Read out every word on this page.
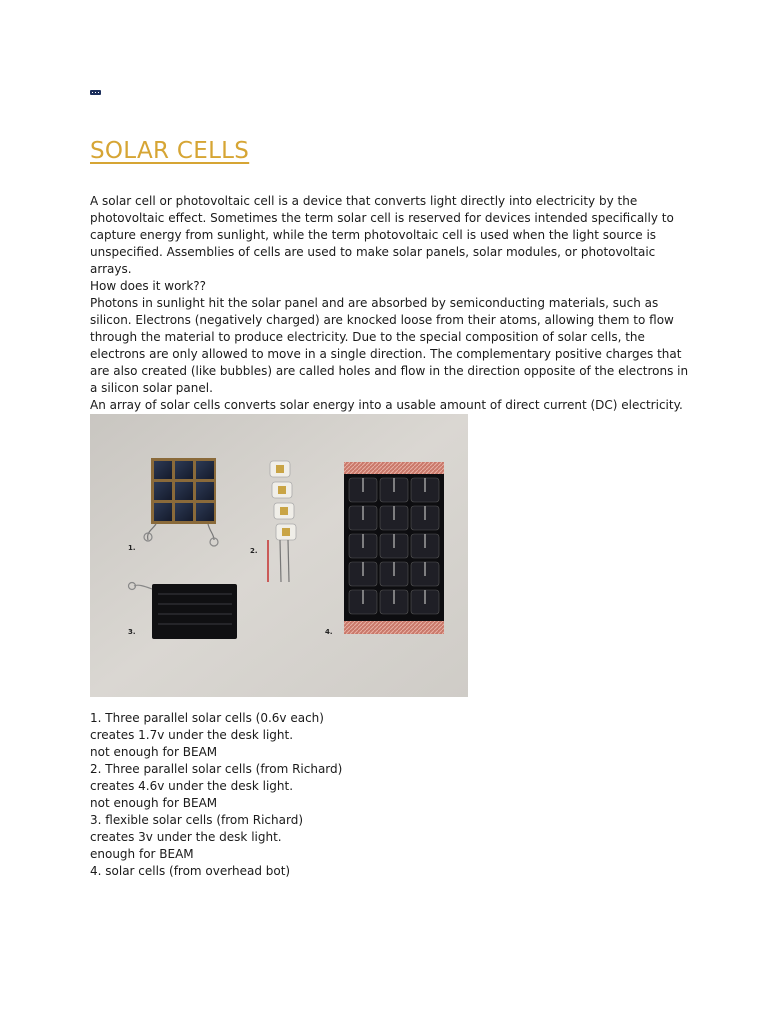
SOLAR CELLS

A solar cell or photovoltaic cell is a device that converts light directly into electricity by the photovoltaic effect. Sometimes the term solar cell is reserved for devices intended specifically to capture energy from sunlight, while the term photovoltaic cell is used when the light source is unspecified. Assemblies of cells are used to make solar panels, solar modules, or photovoltaic arrays.

How does it work??

Photons in sunlight hit the solar panel and are absorbed by semiconducting materials, such as silicon. Electrons (negatively charged) are knocked loose from their atoms, allowing them to flow through the material to produce electricity. Due to the special composition of solar cells, the electrons are only allowed to move in a single direction. The complementary positive charges that are also created (like bubbles) are called holes and flow in the direction opposite of the electrons in a silicon solar panel.

An array of solar cells converts solar energy into a usable amount of direct current (DC) electricity.

1.	2.
3.	4.
1. Three parallel solar cells (0.6v each)
creates 1.7v under the desk light.
not enough for BEAM
2. Three parallel solar cells (from Richard)
creates 4.6v under the desk light.
not enough for BEAM
3. flexible solar cells (from Richard)
creates 3v under the desk light.
enough for BEAM
4. solar cells (from overhead bot)
